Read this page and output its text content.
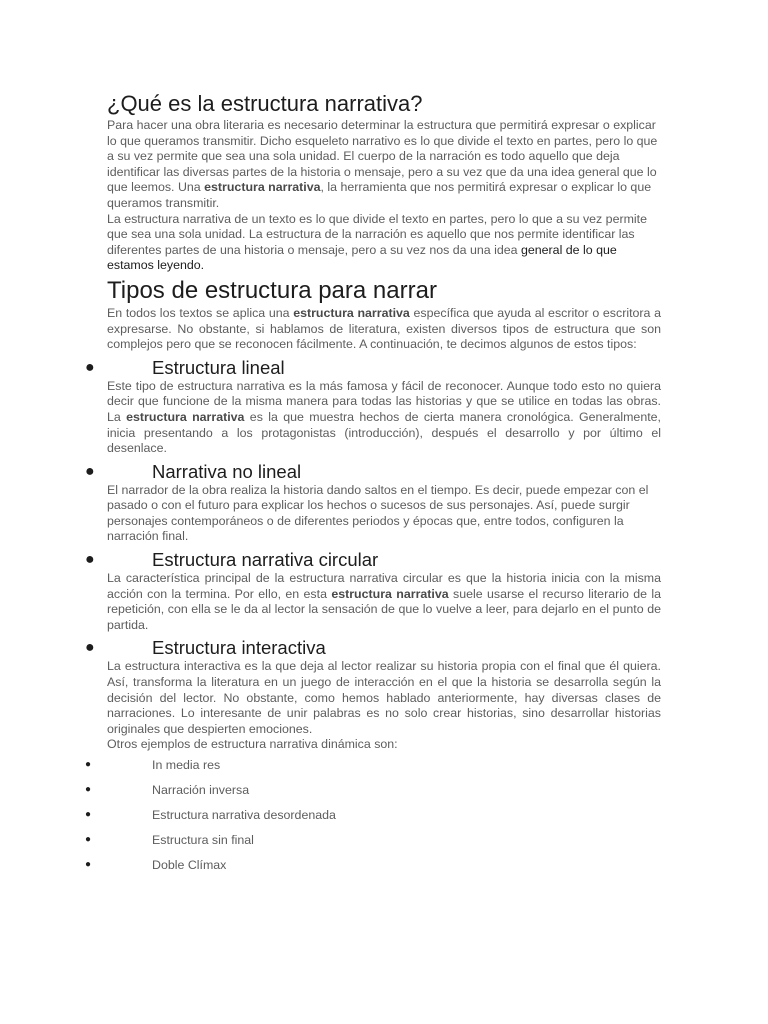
¿Qué es la estructura narrativa?

Para hacer una obra literaria es necesario determinar la estructura que permitirá expresar o explicar lo que queramos transmitir. Dicho esqueleto narrativo es lo que divide el texto en partes, pero lo que a su vez permite que sea una sola unidad. El cuerpo de la narración es todo aquello que deja identificar las diversas partes de la historia o mensaje, pero a su vez que da una idea general que lo que leemos. Una estructura narrativa, la herramienta que nos permitirá expresar o explicar lo que queramos transmitir.

La estructura narrativa de un texto es lo que divide el texto en partes, pero lo que a su vez permite que sea una sola unidad. La estructura de la narración es aquello que nos permite identificar las diferentes partes de una historia o mensaje, pero a su vez nos da una idea general de lo que estamos leyendo.

Tipos de estructura para narrar

En todos los textos se aplica una estructura narrativa específica que ayuda al escritor o escritora a expresarse. No obstante, si hablamos de literatura, existen diversos tipos de estructura que son complejos pero que se reconocen fácilmente. A continuación, te decimos algunos de estos tipos:

●	Estructura lineal

Este tipo de estructura narrativa es la más famosa y fácil de reconocer. Aunque todo esto no quiera decir que funcione de la misma manera para todas las historias y que se utilice en todas las obras. La estructura narrativa es la que muestra hechos de cierta manera cronológica. Generalmente, inicia presentando a los protagonistas (introducción), después el desarrollo y por último el desenlace.

●	Narrativa no lineal

El narrador de la obra realiza la historia dando saltos en el tiempo. Es decir, puede empezar con el pasado o con el futuro para explicar los hechos o sucesos de sus personajes. Así, puede surgir personajes contemporáneos o de diferentes periodos y épocas que, entre todos, configuren la narración final.

●	Estructura narrativa circular

La característica principal de la estructura narrativa circular es que la historia inicia con la misma acción con la termina. Por ello, en esta estructura narrativa suele usarse el recurso literario de la repetición, con ella se le da al lector la sensación de que lo vuelve a leer, para dejarlo en el punto de partida.

●	Estructura interactiva

La estructura interactiva es la que deja al lector realizar su historia propia con el final que él quiera. Así, transforma la literatura en un juego de interacción en el que la historia se desarrolla según la decisión del lector. No obstante, como hemos hablado anteriormente, hay diversas clases de narraciones. Lo interesante de unir palabras es no solo crear historias, sino desarrollar historias originales que despierten emociones.

Otros ejemplos de estructura narrativa dinámica son:

●	In media res
●	Narración inversa
●	Estructura narrativa desordenada
●	Estructura sin final
●	Doble Clímax
